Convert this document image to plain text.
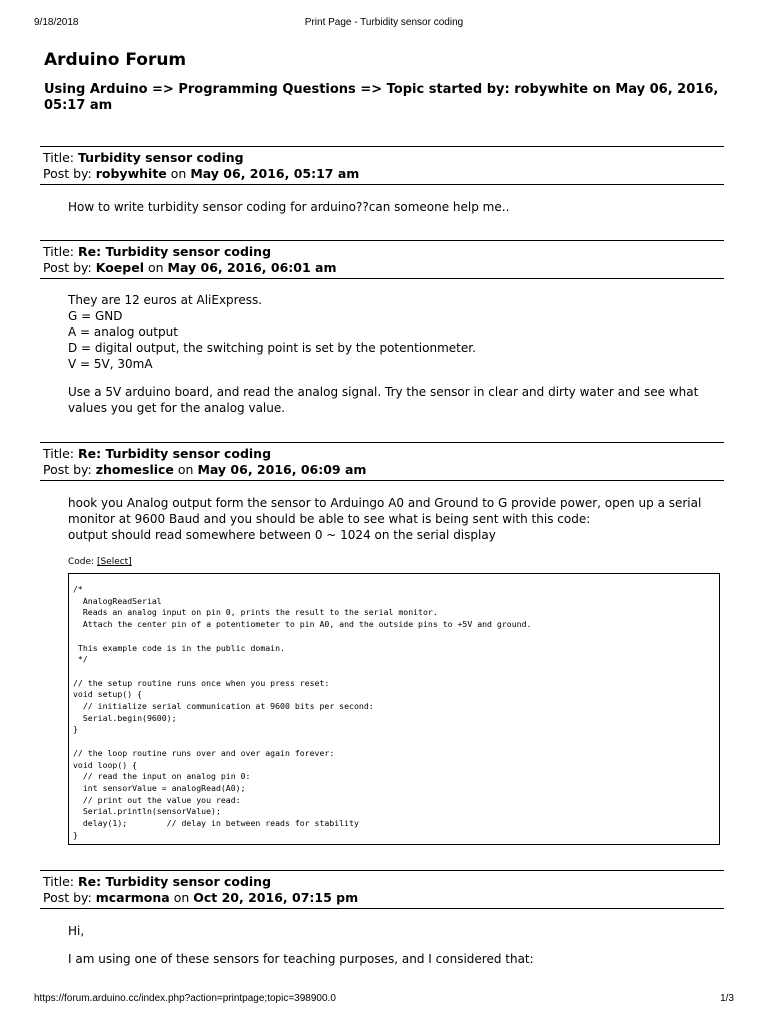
9/18/2018	Print Page - Turbidity sensor coding
Arduino Forum
Using Arduino => Programming Questions => Topic started by: robywhite on May 06, 2016, 05:17 am
Title: Turbidity sensor coding
Post by: robywhite on May 06, 2016, 05:17 am

How to write turbidity sensor coding for arduino??can someone help me..

Title: Re: Turbidity sensor coding
Post by: Koepel on May 06, 2016, 06:01 am

They are 12 euros at AliExpress.
G = GND
A = analog output
D = digital output, the switching point is set by the potentionmeter.
V = 5V, 30mA

Use a 5V arduino board, and read the analog signal. Try the sensor in clear and dirty water and see what values you get for the analog value.

Title: Re: Turbidity sensor coding
Post by: zhomeslice on May 06, 2016, 06:09 am

hook you Analog output form the sensor to Arduingo A0 and Ground to G provide power, open up a serial monitor at 9600 Baud and you should be able to see what is being sent with this code:
output should read somewhere between 0 ~ 1024 on the serial display

Code: [Select]
/*
AnalogReadSerial
Reads an analog input on pin 0, prints the result to the serial monitor.
Attach the center pin of a potentiometer to pin A0, and the outside pins to +5V and ground.

This example code is in the public domain.
*/

// the setup routine runs once when you press reset:
void setup() {
// initialize serial communication at 9600 bits per second:
Serial.begin(9600);
}

// the loop routine runs over and over again forever:
void loop() {
// read the input on analog pin 0:
int sensorValue = analogRead(A0);
// print out the value you read:
Serial.println(sensorValue);
delay(1);        // delay in between reads for stability
}
Title: Re: Turbidity sensor coding
Post by: mcarmona on Oct 20, 2016, 07:15 pm

Hi,

I am using one of these sensors for teaching purposes, and I considered that:

https://forum.arduino.cc/index.php?action=printpage;topic=398900.0	1/3
